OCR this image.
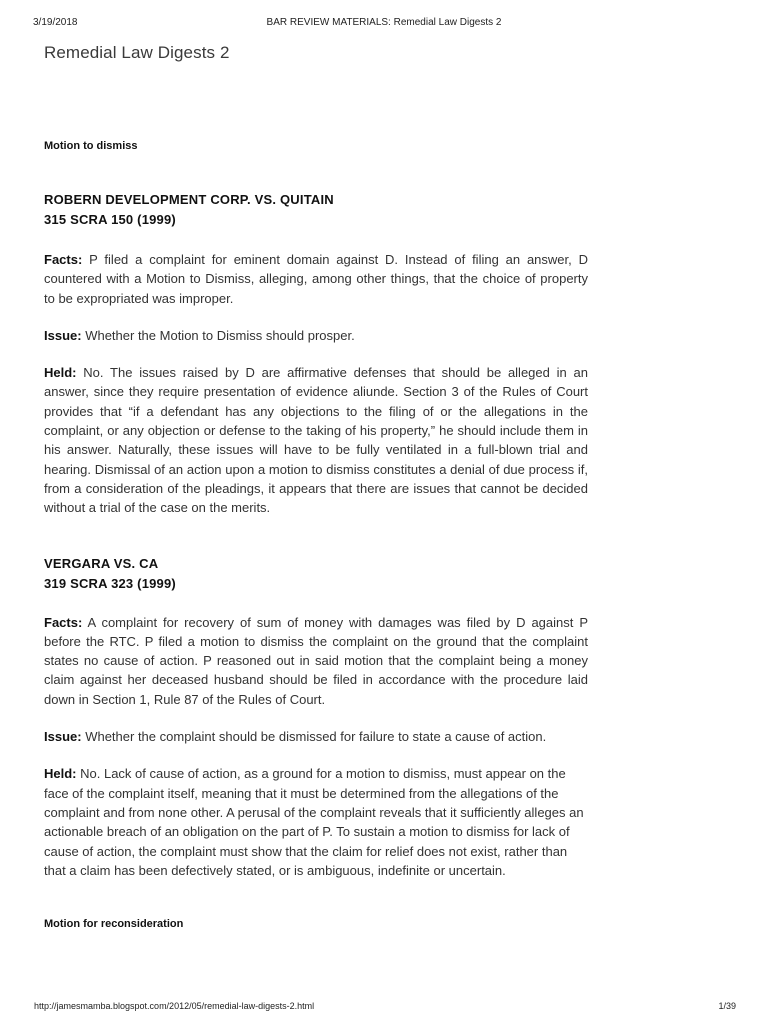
3/19/2018	BAR REVIEW MATERIALS: Remedial Law Digests 2
Remedial Law Digests 2
Motion to dismiss

ROBERN DEVELOPMENT CORP. VS. QUITAIN

315 SCRA 150 (1999)

Facts: P filed a complaint for eminent domain against D. Instead of filing an answer, D countered with a Motion to Dismiss, alleging, among other things, that the choice of property to be expropriated was improper.

Issue: Whether the Motion to Dismiss should prosper.

Held: No. The issues raised by D are affirmative defenses that should be alleged in an answer, since they require presentation of evidence aliunde. Section 3 of the Rules of Court provides that “if a defendant has any objections to the filing of or the allegations in the complaint, or any objection or defense to the taking of his property,” he should include them in his answer. Naturally, these issues will have to be fully ventilated in a full-blown trial and hearing. Dismissal of an action upon a motion to dismiss constitutes a denial of due process if, from a consideration of the pleadings, it appears that there are issues that cannot be decided without a trial of the case on the merits.

VERGARA VS. CA

319 SCRA 323 (1999)

Facts: A complaint for recovery of sum of money with damages was filed by D against P before the RTC. P filed a motion to dismiss the complaint on the ground that the complaint states no cause of action. P reasoned out in said motion that the complaint being a money claim against her deceased husband should be filed in accordance with the procedure laid down in Section 1, Rule 87 of the Rules of Court.

Issue: Whether the complaint should be dismissed for failure to state a cause of action.

Held: No. Lack of cause of action, as a ground for a motion to dismiss, must appear on the face of the complaint itself, meaning that it must be determined from the allegations of the complaint and from none other. A perusal of the complaint reveals that it sufficiently alleges an actionable breach of an obligation on the part of P. To sustain a motion to dismiss for lack of cause of action, the complaint must show that the claim for relief does not exist, rather than that a claim has been defectively stated, or is ambiguous, indefinite or uncertain.

Motion for reconsideration
http://jamesmamba.blogspot.com/2012/05/remedial-law-digests-2.html	1/39
